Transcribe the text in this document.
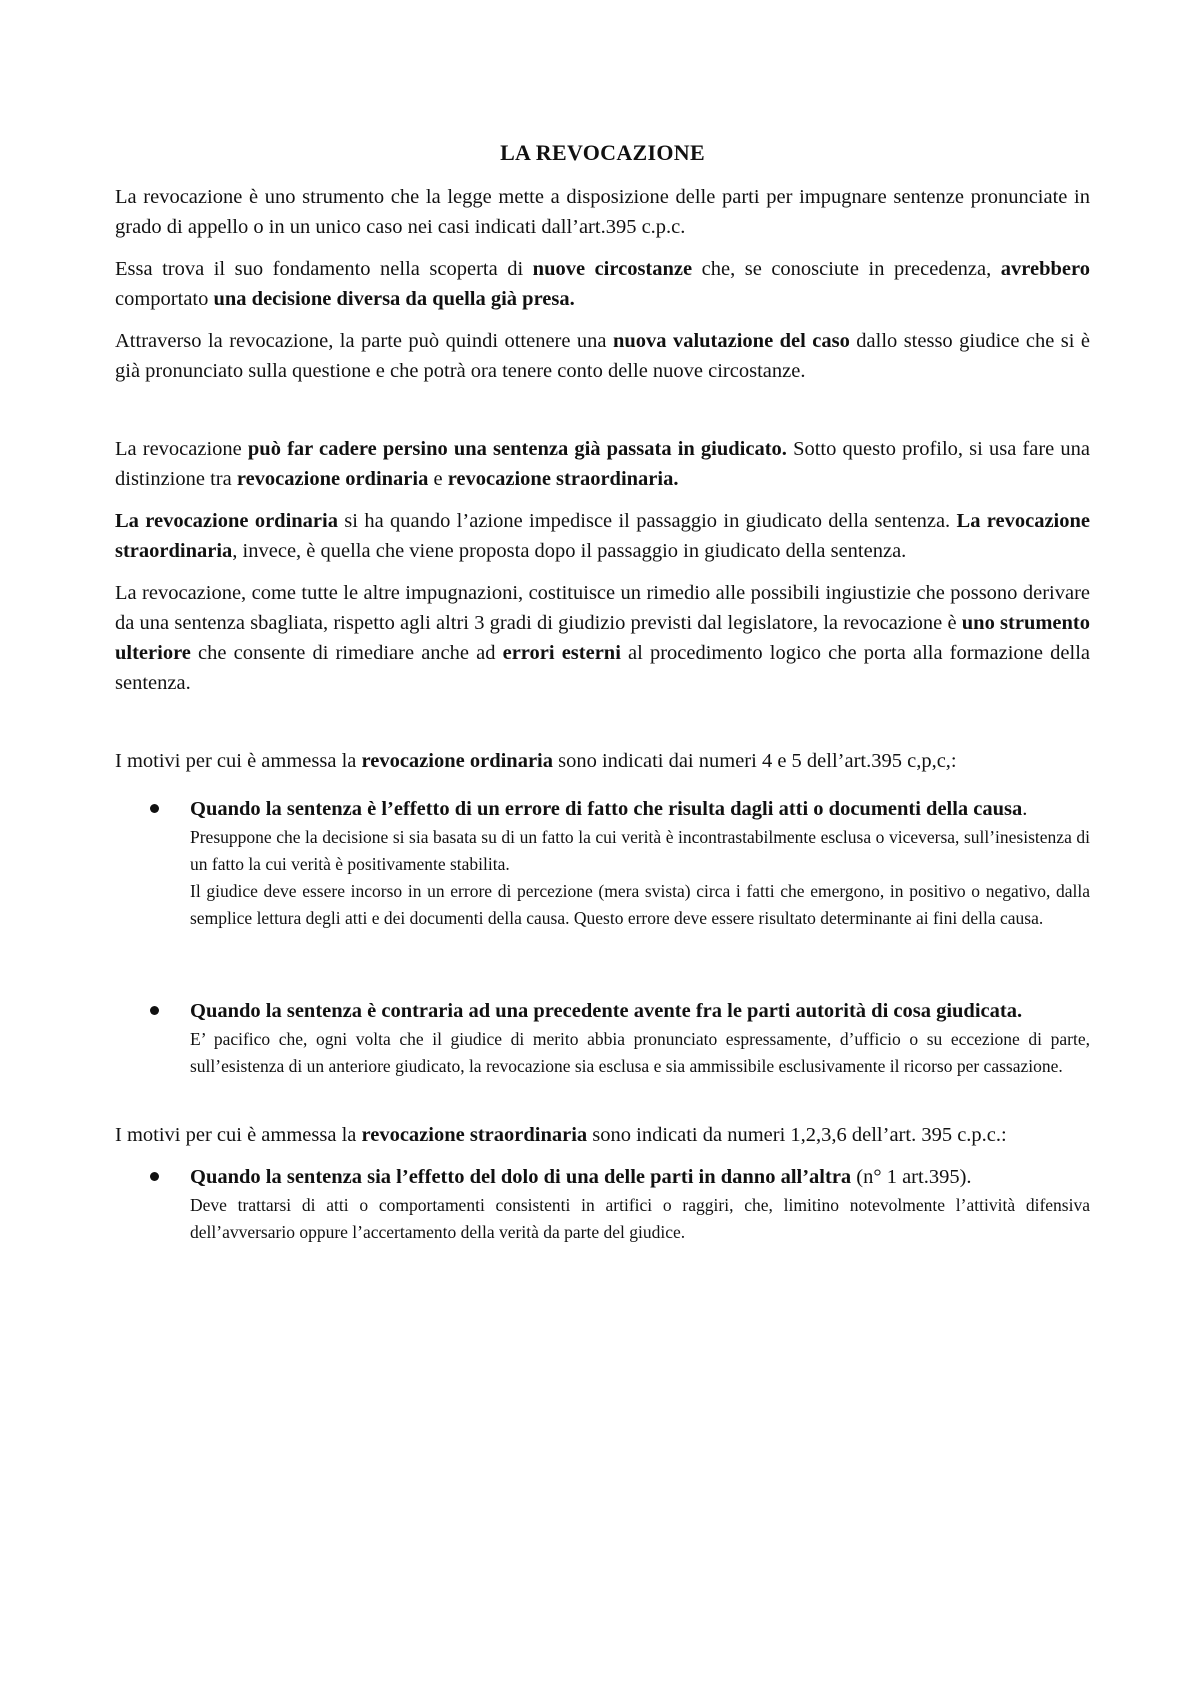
LA REVOCAZIONE

La revocazione è uno strumento che la legge mette a disposizione delle parti per impugnare sentenze pronunciate in grado di appello o in un unico caso nei casi indicati dall’art.395 c.p.c.

Essa trova il suo fondamento nella scoperta di nuove circostanze che, se conosciute in precedenza, avrebbero comportato una decisione diversa da quella già presa.

Attraverso la revocazione, la parte può quindi ottenere una nuova valutazione del caso dallo stesso giudice che si è già pronunciato sulla questione e che potrà ora tenere conto delle nuove circostanze.

La revocazione può far cadere persino una sentenza già passata in giudicato. Sotto questo profilo, si usa fare una distinzione tra revocazione ordinaria e revocazione straordinaria.

La revocazione ordinaria si ha quando l’azione impedisce il passaggio in giudicato della sentenza. La revocazione straordinaria, invece, è quella che viene proposta dopo il passaggio in giudicato della sentenza.

La revocazione, come tutte le altre impugnazioni, costituisce un rimedio alle possibili ingiustizie che possono derivare da una sentenza sbagliata, rispetto agli altri 3 gradi di giudizio previsti dal legislatore, la revocazione è uno strumento ulteriore che consente di rimediare anche ad errori esterni al procedimento logico che porta alla formazione della sentenza.

I motivi per cui è ammessa la revocazione ordinaria sono indicati dai numeri 4 e 5 dell’art.395 c,p,c,:

Quando la sentenza è l’effetto di un errore di fatto che risulta dagli atti o documenti della causa.

Presuppone che la decisione si sia basata su di un fatto la cui verità è incontrastabilmente esclusa o viceversa, sull’inesistenza di un fatto la cui verità è positivamente stabilita.

Il giudice deve essere incorso in un errore di percezione (mera svista) circa i fatti che emergono, in positivo o negativo, dalla semplice lettura degli atti e dei documenti della causa. Questo errore deve essere risultato determinante ai fini della causa.

Quando la sentenza è contraria ad una precedente avente fra le parti autorità di cosa giudicata.

E’ pacifico che, ogni volta che il giudice di merito abbia pronunciato espressamente, d’ufficio o su eccezione di parte, sull’esistenza di un anteriore giudicato, la revocazione sia esclusa e sia ammissibile esclusivamente il ricorso per cassazione.

I motivi per cui è ammessa la revocazione straordinaria sono indicati da numeri 1,2,3,6 dell’art. 395 c.p.c.:

Quando la sentenza sia l’effetto del dolo di una delle parti in danno all’altra (n° 1 art.395).

Deve trattarsi di atti o comportamenti consistenti in artifici o raggiri, che, limitino notevolmente l’attività difensiva dell’avversario oppure l’accertamento della verità da parte del giudice.
